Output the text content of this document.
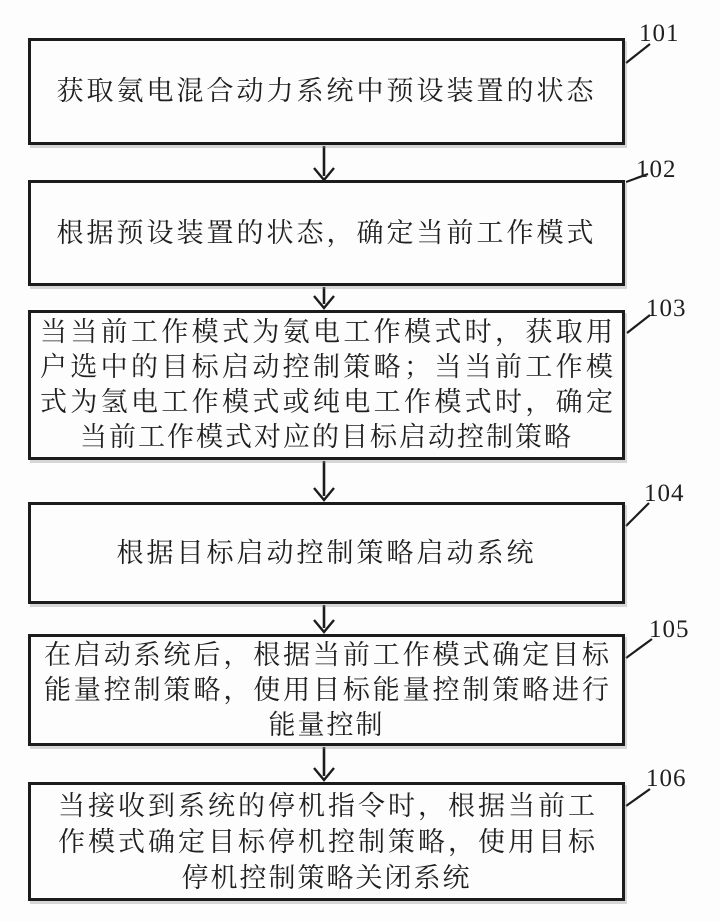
获取氨电混合动力系统中预设装置的状态
101
根据预设装置的状态，确定当前工作模式
102
当当前工作模式为氨电工作模式时，获取用
户选中的目标启动控制策略；当当前工作模
式为氢电工作模式或纯电工作模式时，确定
当前工作模式对应的目标启动控制策略
103
根据目标启动控制策略启动系统
104
在启动系统后，根据当前工作模式确定目标
能量控制策略，使用目标能量控制策略进行
能量控制
105
当接收到系统的停机指令时，根据当前工
作模式确定目标停机控制策略，使用目标
停机控制策略关闭系统
106
